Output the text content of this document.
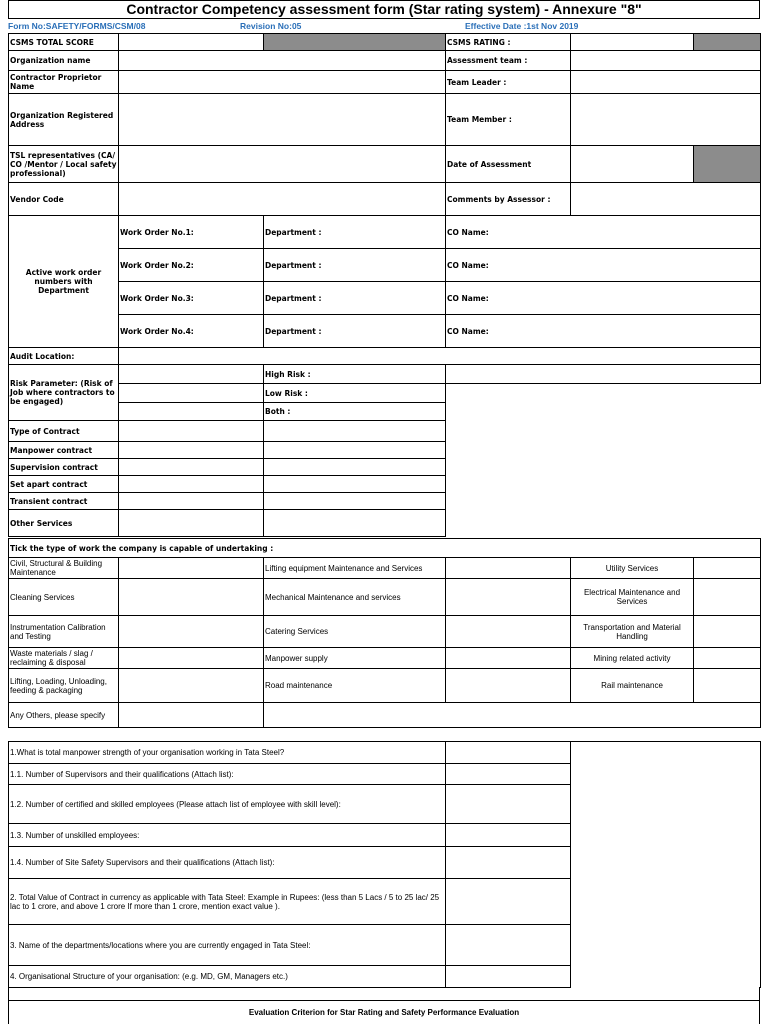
Contractor Competency assessment form (Star rating system) - Annexure "8"
Form No:SAFETY/FORMS/CSM/08	Revision No:05	Effective Date :1st Nov 2019
CSMS TOTAL SCORE			CSMS RATING :		
Organization name			Assessment team :		
Contractor Proprietor Name			Team Leader :		
Organization Registered Address			Team Member :		
TSL representatives (CA/ CO /Mentor / Local safety professional)			Date of Assessment		
Vendor Code			Comments by Assessor :		
Active work order numbers with Department	Work Order No.1:	Department :	CO Name:		
	Work Order No.2:	Department :	CO Name:		
	Work Order No.3:	Department :	CO Name:		
	Work Order No.4:	Department :	CO Name:		
Audit Location:					
Risk Parameter: (Risk of Job where contractors to be engaged)		High Risk :	
		Low Risk :	
		Both :	
Type of Contract			
Manpower contract			
Supervision contract			
Set apart contract			
Transient contract			
Other Services			
Tick the type of work the company is capable of undertaking :					
Civil, Structural & Building Maintenance		Lifting equipment Maintenance and Services		Utility Services	
Cleaning Services		Mechanical Maintenance and services		Electrical Maintenance and Services	
Instrumentation Calibration and Testing		Catering Services		Transportation and Material Handling	
Waste materials / slag / reclaiming & disposal		Manpower supply		Mining related activity	
Lifting, Loading, Unloading, feeding & packaging		Road maintenance		Rail maintenance	
Any Others, please specify					
1.What is total manpower strength of your organisation working in Tata Steel?		
1.1. Number of Supervisors and their qualifications (Attach list):		
1.2. Number of certified and skilled employees (Please attach list of employee with skill level):		
1.3. Number of unskilled employees:		
1.4. Number of Site Safety Supervisors and their qualifications (Attach list):		
2. Total Value of Contract in currency as applicable with Tata Steel: Example in Rupees: (less than 5 Lacs / 5 to 25 lac/ 25 lac to 1 crore, and above 1 crore If more than 1 crore, mention exact value ).		
3. Name of the departments/locations where you are currently engaged in Tata Steel:		
4. Organisational Structure of your organisation: (e.g. MD, GM, Managers etc.)		
Evaluation Criterion for Star Rating and Safety Performance Evaluation
